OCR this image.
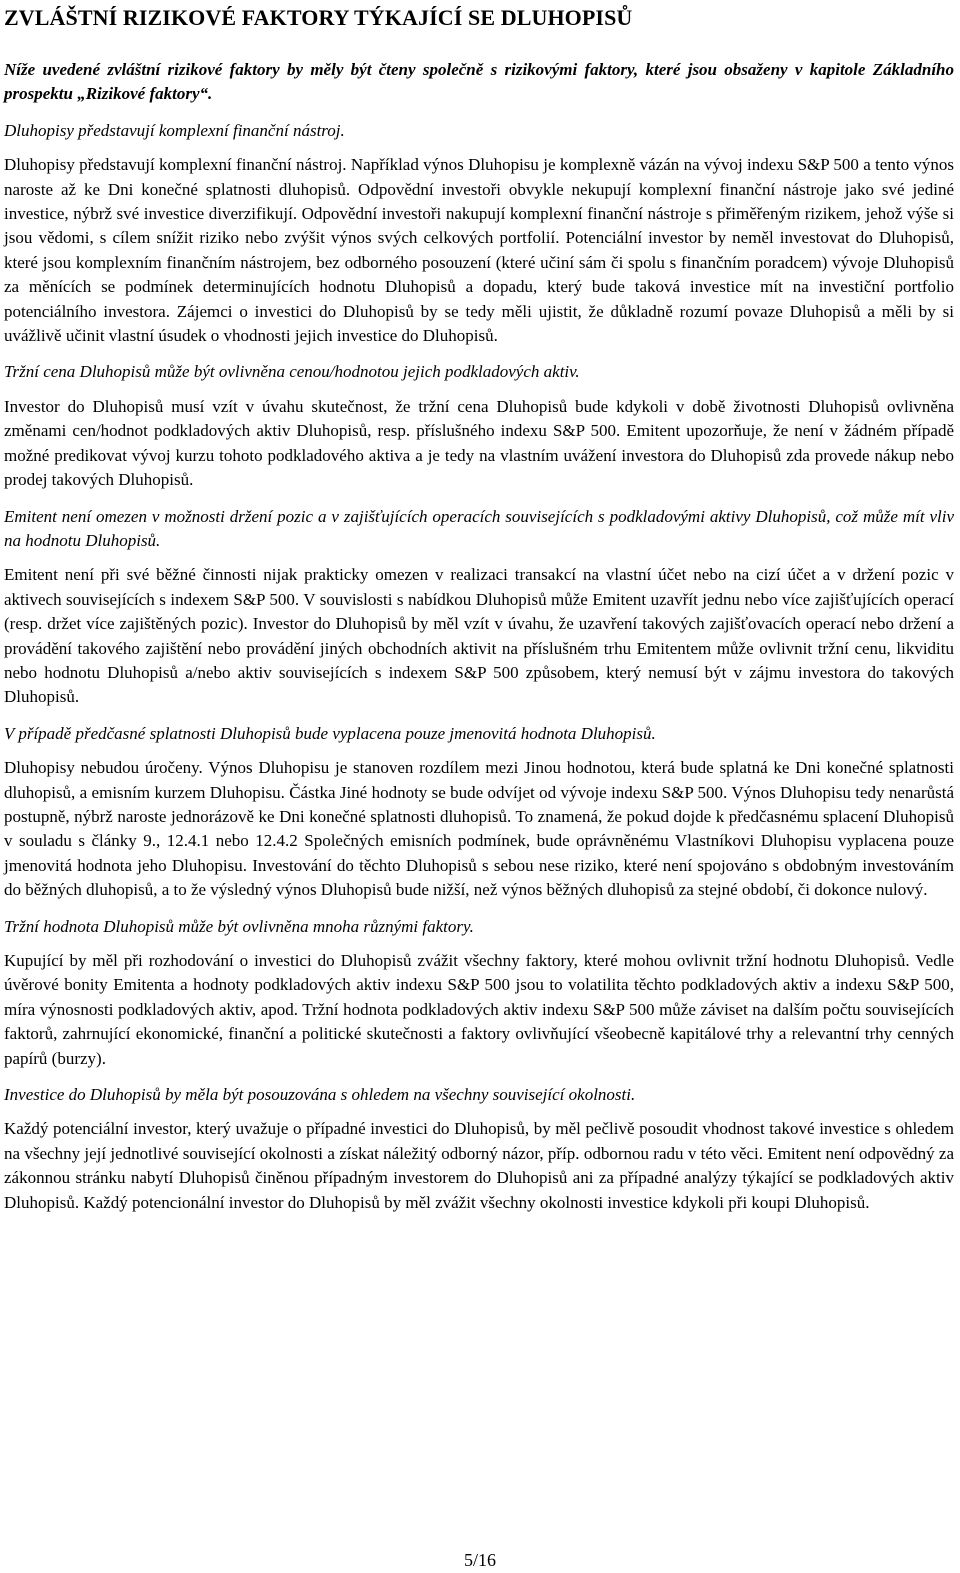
ZVLÁŠTNÍ RIZIKOVÉ FAKTORY TÝKAJÍCÍ SE DLUHOPISŮ

Níže uvedené zvláštní rizikové faktory by měly být čteny společně s rizikovými faktory, které jsou obsaženy v kapitole Základního prospektu „Rizikové faktory“.

Dluhopisy představují komplexní finanční nástroj.

Dluhopisy představují komplexní finanční nástroj. Například výnos Dluhopisu je komplexně vázán na vývoj indexu S&P 500 a tento výnos naroste až ke Dni konečné splatnosti dluhopisů. Odpovědní investoři obvykle nekupují komplexní finanční nástroje jako své jediné investice, nýbrž své investice diverzifikují. Odpovědní investoři nakupují komplexní finanční nástroje s přiměřeným rizikem, jehož výše si jsou vědomi, s cílem snížit riziko nebo zvýšit výnos svých celkových portfolií. Potenciální investor by neměl investovat do Dluhopisů, které jsou komplexním finančním nástrojem, bez odborného posouzení (které učiní sám či spolu s finančním poradcem) vývoje Dluhopisů za měnících se podmínek determinujících hodnotu Dluhopisů a dopadu, který bude taková investice mít na investiční portfolio potenciálního investora. Zájemci o investici do Dluhopisů by se tedy měli ujistit, že důkladně rozumí povaze Dluhopisů a měli by si uvážlivě učinit vlastní úsudek o vhodnosti jejich investice do Dluhopisů.

Tržní cena Dluhopisů může být ovlivněna cenou/hodnotou jejich podkladových aktiv.

Investor do Dluhopisů musí vzít v úvahu skutečnost, že tržní cena Dluhopisů bude kdykoli v době životnosti Dluhopisů ovlivněna změnami cen/hodnot podkladových aktiv Dluhopisů, resp. příslušného indexu S&P 500. Emitent upozorňuje, že není v žádném případě možné predikovat vývoj kurzu tohoto podkladového aktiva a je tedy na vlastním uvážení investora do Dluhopisů zda provede nákup nebo prodej takových Dluhopisů.

Emitent není omezen v možnosti držení pozic a v zajišťujících operacích souvisejících s podkladovými aktivy Dluhopisů, což může mít vliv na hodnotu Dluhopisů.

Emitent není při své běžné činnosti nijak prakticky omezen v realizaci transakcí na vlastní účet nebo na cizí účet a v držení pozic v aktivech souvisejících s indexem S&P 500. V souvislosti s nabídkou Dluhopisů může Emitent uzavřít jednu nebo více zajišťujících operací (resp. držet více zajištěných pozic). Investor do Dluhopisů by měl vzít v úvahu, že uzavření takových zajišťovacích operací nebo držení a provádění takového zajištění nebo provádění jiných obchodních aktivit na příslušném trhu Emitentem může ovlivnit tržní cenu, likviditu nebo hodnotu Dluhopisů a/nebo aktiv souvisejících s indexem S&P 500 způsobem, který nemusí být v zájmu investora do takových Dluhopisů.

V případě předčasné splatnosti Dluhopisů bude vyplacena pouze jmenovitá hodnota Dluhopisů.

Dluhopisy nebudou úročeny. Výnos Dluhopisu je stanoven rozdílem mezi Jinou hodnotou, která bude splatná ke Dni konečné splatnosti dluhopisů, a emisním kurzem Dluhopisu. Částka Jiné hodnoty se bude odvíjet od vývoje indexu S&P 500. Výnos Dluhopisu tedy nenarůstá postupně, nýbrž naroste jednorázově ke Dni konečné splatnosti dluhopisů. To znamená, že pokud dojde k předčasnému splacení Dluhopisů v souladu s články 9., 12.4.1 nebo 12.4.2 Společných emisních podmínek, bude oprávněnému Vlastníkovi Dluhopisu vyplacena pouze jmenovitá hodnota jeho Dluhopisu. Investování do těchto Dluhopisů s sebou nese riziko, které není spojováno s obdobným investováním do běžných dluhopisů, a to že výsledný výnos Dluhopisů bude nižší, než výnos běžných dluhopisů za stejné období, či dokonce nulový.

Tržní hodnota Dluhopisů může být ovlivněna mnoha různými faktory.

Kupující by měl při rozhodování o investici do Dluhopisů zvážit všechny faktory, které mohou ovlivnit tržní hodnotu Dluhopisů. Vedle úvěrové bonity Emitenta a hodnoty podkladových aktiv indexu S&P 500 jsou to volatilita těchto podkladových aktiv a indexu S&P 500, míra výnosnosti podkladových aktiv, apod. Tržní hodnota podkladových aktiv indexu S&P 500 může záviset na dalším počtu souvisejících faktorů, zahrnující ekonomické, finanční a politické skutečnosti a faktory ovlivňující všeobecně kapitálové trhy a relevantní trhy cenných papírů (burzy).

Investice do Dluhopisů by měla být posouzována s ohledem na všechny související okolnosti.

Každý potenciální investor, který uvažuje o případné investici do Dluhopisů, by měl pečlivě posoudit vhodnost takové investice s ohledem na všechny její jednotlivé související okolnosti a získat náležitý odborný názor, příp. odbornou radu v této věci. Emitent není odpovědný za zákonnou stránku nabytí Dluhopisů činěnou případným investorem do Dluhopisů ani za případné analýzy týkající se podkladových aktiv Dluhopisů. Každý potencionální investor do Dluhopisů by měl zvážit všechny okolnosti investice kdykoli při koupi Dluhopisů.

5/16
